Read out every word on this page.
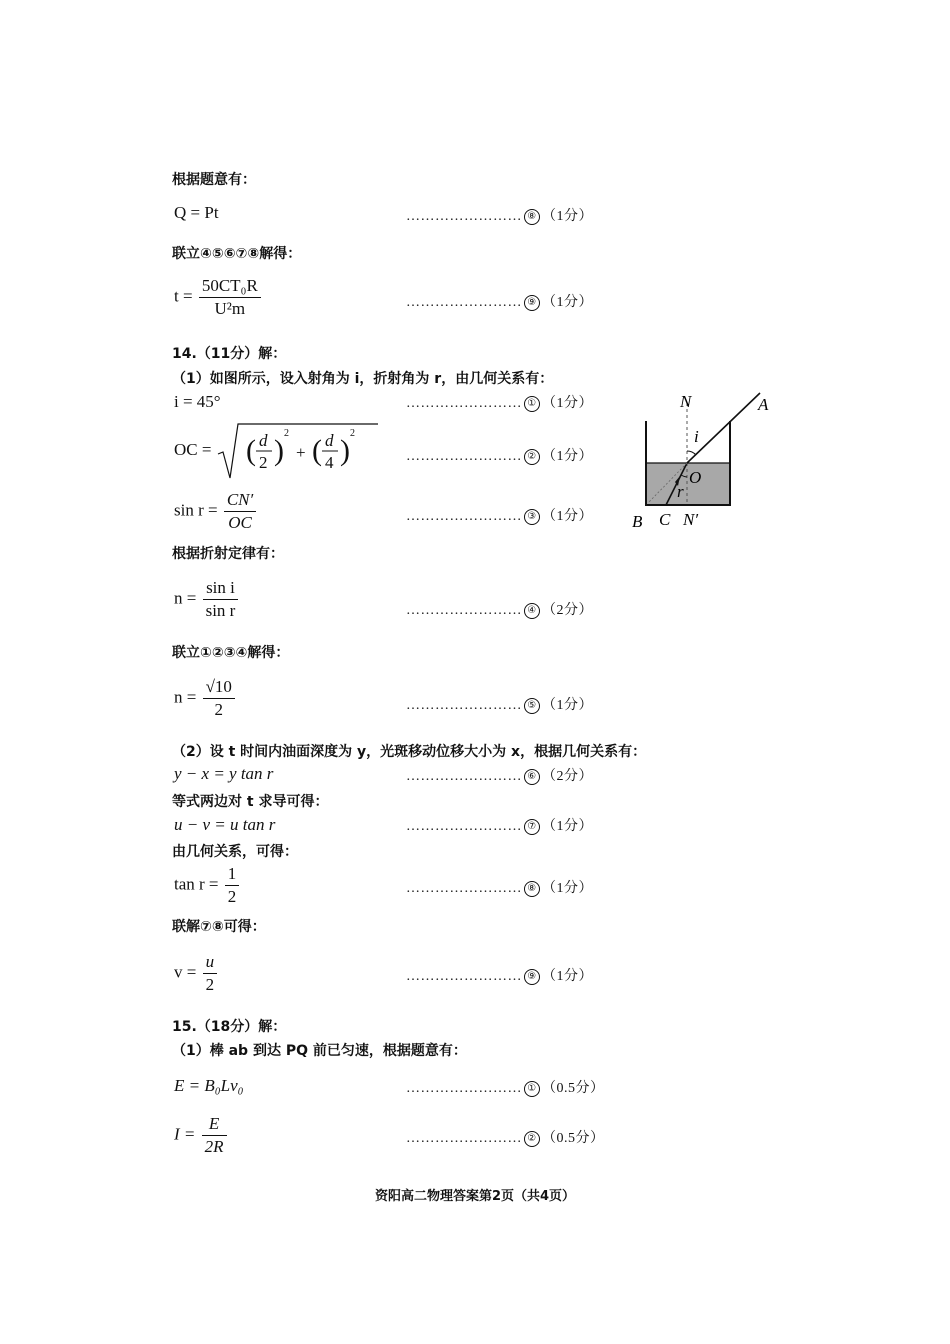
根据题意有：
Q = Pt	…………………… ⑧ （1分）
联立④⑤⑥⑦⑧解得：
$t = \frac{\text{50CT₀R}}{\text{U²m}}$	…………………… ⑨ （1分）
14.（11分）解：
（1）如图所示，设入射角为 i，折射角为 r，由几何关系有：
i = 45°	…………………… ① （1分）
OC = ( d
2 )
2
+ ( d
4 )
2
…………………… ② （1分）
$\sin r = \frac{CN'}{OC}$	…………………… ③ （1分）
根据折射定律有：
$n = \frac{\text{sin i}}{\text{sin r}}$	…………………… ④ （2分）
联立①②③④解得：
$n = \frac{√10}{2}$	…………………… ⑤ （1分）
（2）设 t 时间内油面深度为 y，光斑移动位移大小为 x，根据几何关系有：
y − x = y tan r	…………………… ⑥ （2分）
等式两边对 t 求导可得：
u − v = u tan r	…………………… ⑦ （1分）
由几何关系，可得：
$\tan r = \frac{1}{2}$	…………………… ⑧ （1分）
联解⑦⑧可得：
$v = \frac{u}{2}$	…………………… ⑨ （1分）
15.（18分）解：
（1）棒 ab 到达 PQ 前已匀速，根据题意有：
E = B₀Lv₀	…………………… ① （0.5分）
$I = \frac{E}{2R}$	…………………… ② （0.5分）
N	A
i
O
r
B C N′
资阳高二物理答案第2页（共4页）
